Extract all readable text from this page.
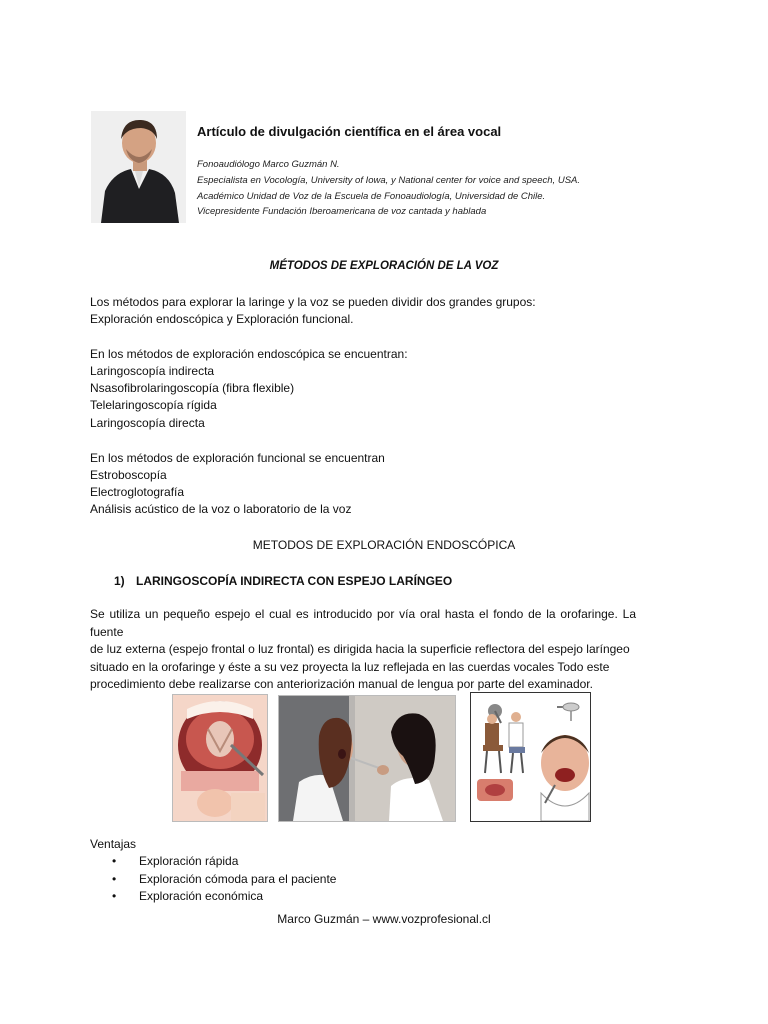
Artículo de divulgación científica en el área vocal
Fonoaudiólogo Marco Guzmán N.
Especialista en Vocología, University of Iowa, y National center for voice and speech, USA.
Académico Unidad de Voz de la Escuela de Fonoaudiología, Universidad de Chile.
Vicepresidente Fundación Iberoamericana de voz cantada y hablada
MÉTODOS DE EXPLORACIÓN DE LA VOZ
Los métodos para explorar la laringe y la voz se pueden dividir dos grandes grupos:
Exploración endoscópica y Exploración funcional.
En los métodos de exploración endoscópica se encuentran:
Laringoscopía indirecta
Nsasofibrolaringoscopía (fibra flexible)
Telelaringoscopía rígida
Laringoscopía directa
En los métodos de exploración funcional se encuentran
Estroboscopía
Electroglotografía
Análisis acústico de la voz o laboratorio de la voz
METODOS DE EXPLORACIÓN ENDOSCÓPICA
1) LARINGOSCOPÍA INDIRECTA CON ESPEJO LARÍNGEO
Se utiliza un pequeño espejo el cual es introducido por vía oral hasta el fondo de la orofaringe. La fuente
de luz externa (espejo frontal o luz frontal) es dirigida hacia la superficie reflectora del espejo laríngeo
situado en la orofaringe y éste a su vez proyecta la luz reflejada en las cuerdas vocales Todo este
procedimiento debe realizarse con anteriorización manual de lengua por parte del examinador.
Ventajas
• Exploración rápida
• Exploración cómoda para el paciente
• Exploración económica
Marco Guzmán – www.vozprofesional.cl
